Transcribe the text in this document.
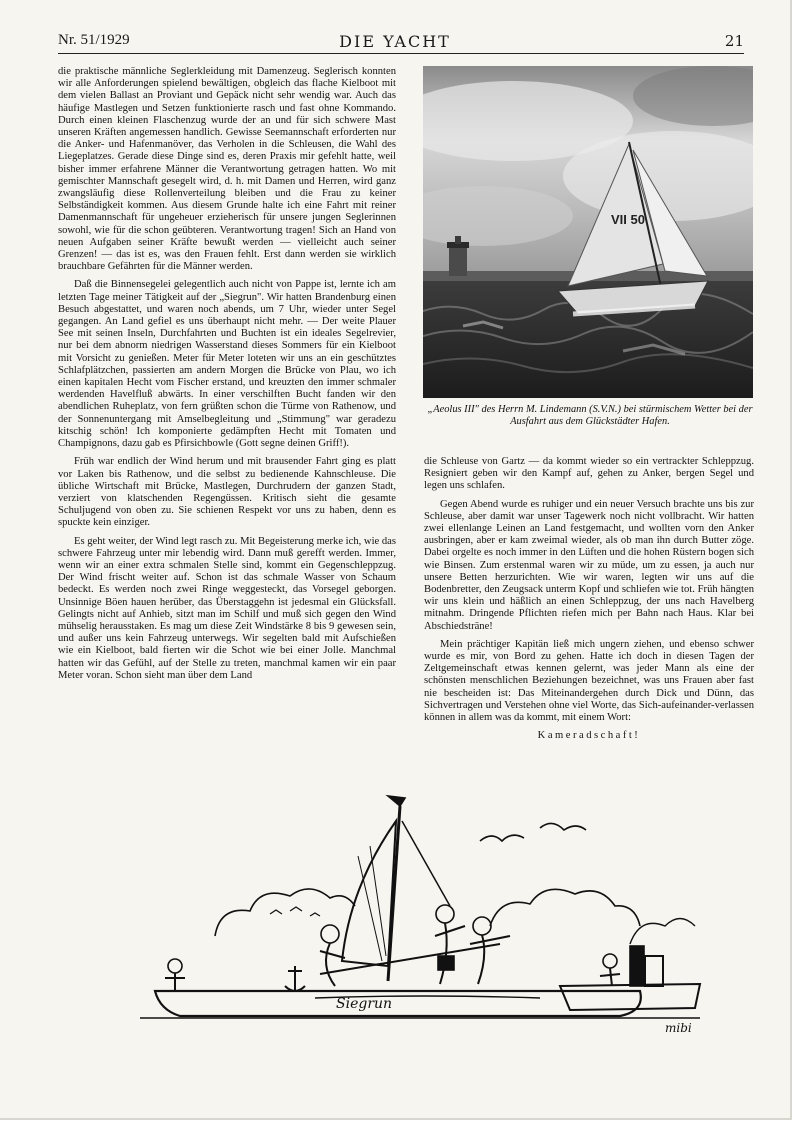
Nr. 51/1929	DIE YACHT	21

die praktische männliche Seglerkleidung mit Damenzeug. Seglerisch konnten wir alle Anforderungen spielend bewältigen, obgleich das flache Kielboot mit dem vielen Ballast an Proviant und Gepäck nicht sehr wendig war. Auch das häufige Mastlegen und Setzen funktionierte rasch und fast ohne Kommando. Durch einen kleinen Flaschenzug wurde der an und für sich schwere Mast unseren Kräften angemessen handlich. Gewisse Seemannschaft erforderten nur die Anker- und Hafenmanöver, das Verholen in die Schleusen, die Wahl des Liegeplatzes. Gerade diese Dinge sind es, deren Praxis mir gefehlt hatte, weil bisher immer erfahrene Männer die Verantwortung getragen hatten. Wo mit gemischter Mannschaft gesegelt wird, d. h. mit Damen und Herren, wird ganz zwangsläufig diese Rollenverteilung bleiben und die Frau zu keiner Selbständigkeit kommen. Aus diesem Grunde halte ich eine Fahrt mit reiner Damenmannschaft für ungeheuer erzieherisch für unsere jungen Seglerinnen sowohl, wie für die schon geübteren. Verantwortung tragen! Sich an Hand von neuen Aufgaben seiner Kräfte bewußt werden — vielleicht auch seiner Grenzen! — das ist es, was den Frauen fehlt. Erst dann werden sie wirklich brauchbare Gefährten für die Männer werden.

Daß die Binnensegelei gelegentlich auch nicht von Pappe ist, lernte ich am letzten Tage meiner Tätigkeit auf der „Siegrun". Wir hatten Brandenburg einen Besuch abgestattet, und waren noch abends, um 7 Uhr, wieder unter Segel gegangen. An Land gefiel es uns überhaupt nicht mehr. — Der weite Plauer See mit seinen Inseln, Durchfahrten und Buchten ist ein ideales Segelrevier, nur bei dem abnorm niedrigen Wasserstand dieses Sommers für ein Kielboot mit Vorsicht zu genießen. Meter für Meter loteten wir uns an ein geschütztes Schlafplätzchen, passierten am andern Morgen die Brücke von Plau, wo ich einen kapitalen Hecht vom Fischer erstand, und kreuzten den immer schmaler werdenden Havelfluß abwärts. In einer verschilften Bucht fanden wir den abendlichen Ruheplatz, von fern grüßten schon die Türme von Rathenow, und der Sonnenuntergang mit Amselbegleitung und „Stimmung" war geradezu kitschig schön! Ich komponierte gedämpften Hecht mit Tomaten und Champignons, dazu gab es Pfirsichbowle (Gott segne deinen Griff!).

Früh war endlich der Wind herum und mit brausender Fahrt ging es platt vor Laken bis Rathenow, und die selbst zu bedienende Kahnschleuse. Die übliche Wirtschaft mit Brücke, Mastlegen, Durchrudern der ganzen Stadt, verziert von klatschenden Regengüssen. Kritisch sieht die gesamte Schuljugend von oben zu. Sie schienen Respekt vor uns zu haben, denn es spuckte kein einziger.

Es geht weiter, der Wind legt rasch zu. Mit Begeisterung merke ich, wie das schwere Fahrzeug unter mir lebendig wird. Dann muß gerefft werden. Immer, wenn wir an einer extra schmalen Stelle sind, kommt ein Gegenschleppzug. Der Wind frischt weiter auf. Schon ist das schmale Wasser von Schaum bedeckt. Es werden noch zwei Ringe weggesteckt, das Vorsegel geborgen. Unsinnige Böen hauen herüber, das Überstaggehn ist jedesmal ein Glücksfall. Gelingts nicht auf Anhieb, sitzt man im Schilf und muß sich gegen den Wind mühselig herausstaken. Es mag um diese Zeit Windstärke 8 bis 9 gewesen sein, und außer uns kein Fahrzeug unterwegs. Wir segelten bald mit Aufschießen wie ein Kielboot, bald fierten wir die Schot wie bei einer Jolle. Manchmal hatten wir das Gefühl, auf der Stelle zu treten, manchmal kamen wir ein paar Meter voran. Schon sieht man über dem Land

VII 50
„Aeolus III" des Herrn M. Lindemann (S.V.N.) bei stürmischem Wetter bei der Ausfahrt aus dem Glückstädter Hafen.

die Schleuse von Gartz — da kommt wieder so ein vertrackter Schleppzug. Resigniert geben wir den Kampf auf, gehen zu Anker, bergen Segel und legen uns schlafen.

Gegen Abend wurde es ruhiger und ein neuer Versuch brachte uns bis zur Schleuse, aber damit war unser Tagewerk noch nicht vollbracht. Wir hatten zwei ellenlange Leinen an Land festgemacht, und wollten vorn den Anker ausbringen, aber er kam zweimal wieder, als ob man ihn durch Butter zöge. Dabei orgelte es noch immer in den Lüften und die hohen Rüstern bogen sich wie Binsen. Zum erstenmal waren wir zu müde, um zu essen, ja auch nur unsere Betten herzurichten. Wie wir waren, legten wir uns auf die Bodenbretter, den Zeugsack unterm Kopf und schliefen wie tot. Früh hängten wir uns klein und häßlich an einen Schleppzug, der uns nach Havelberg mitnahm. Dringende Pflichten riefen mich per Bahn nach Haus. Klar bei Abschiedsträne!

Mein prächtiger Kapitän ließ mich ungern ziehen, und ebenso schwer wurde es mir, von Bord zu gehen. Hatte ich doch in diesen Tagen der Zeltgemeinschaft etwas kennen gelernt, was jeder Mann als eine der schönsten menschlichen Beziehungen bezeichnet, was uns Frauen aber fast nie bescheiden ist: Das Miteinandergehen durch Dick und Dünn, das Sichvertragen und Verstehen ohne viel Worte, das Sich-aufeinander-verlassen können in allem was da kommt, mit einem Wort:

Kameradschaft!
Siegrun
mibi
